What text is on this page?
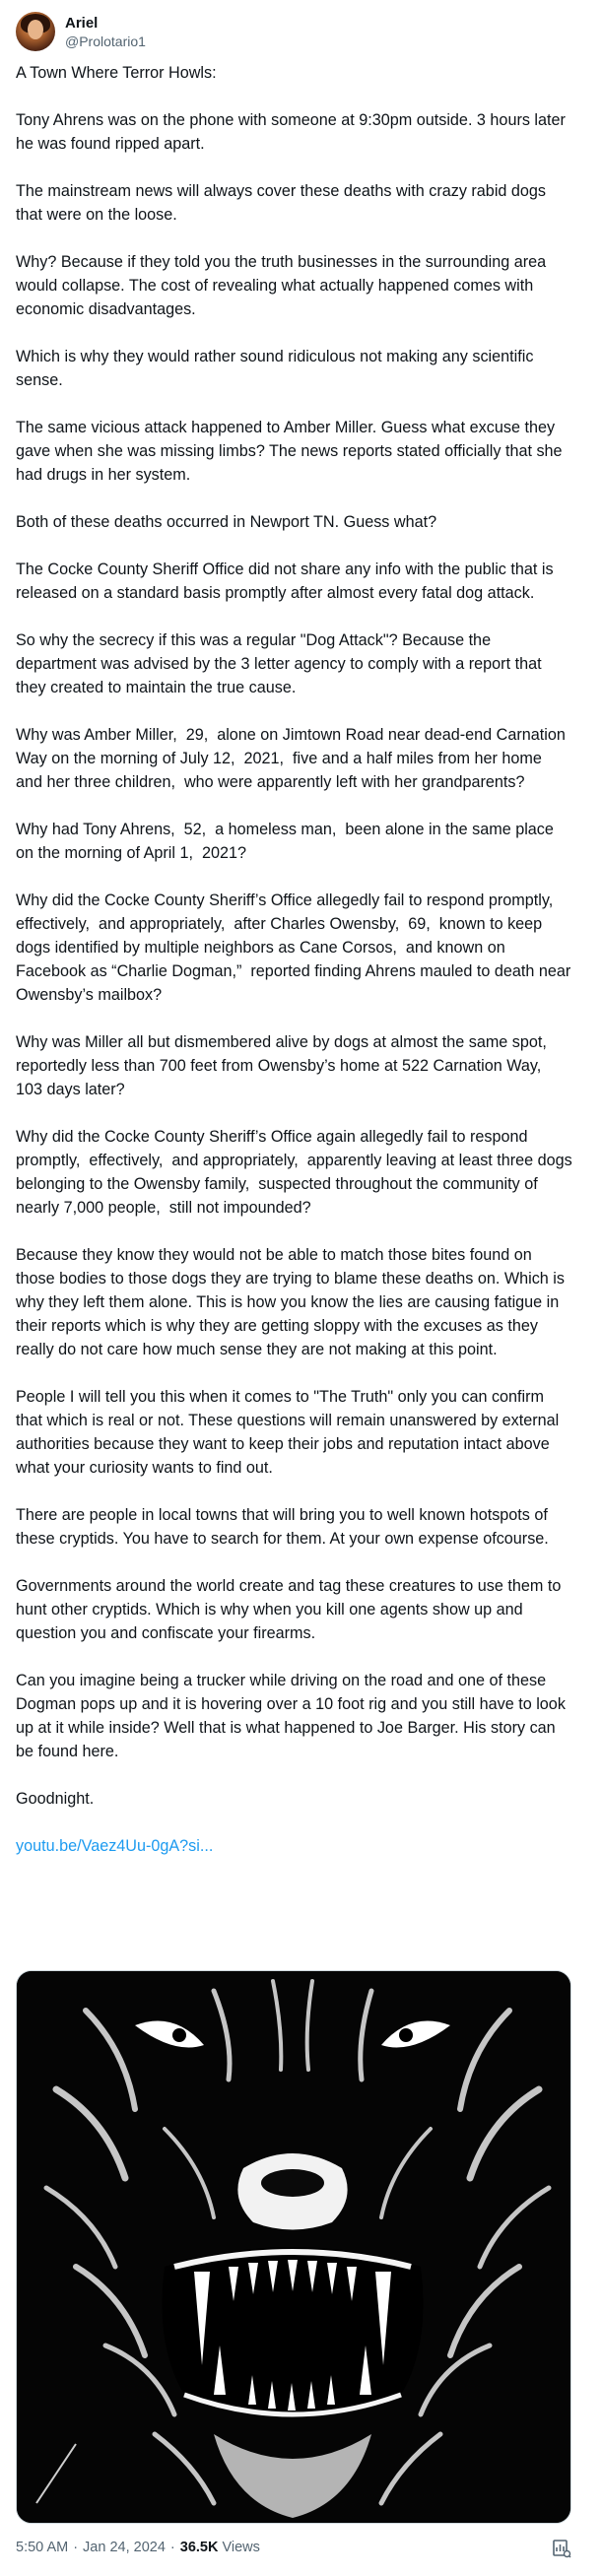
Ariel
@Prolotario1

A Town Where Terror Howls:

Tony Ahrens was on the phone with someone at 9:30pm outside. 3 hours later he was found ripped apart.

The mainstream news will always cover these deaths with crazy rabid dogs that were on the loose.

Why? Because if they told you the truth businesses in the surrounding area would collapse. The cost of revealing what actually happened comes with economic disadvantages.

Which is why they would rather sound ridiculous not making any scientific sense.

The same vicious attack happened to Amber Miller. Guess what excuse they gave when she was missing limbs? The news reports stated officially that she had drugs in her system.

Both of these deaths occurred in Newport TN. Guess what?

The Cocke County Sheriff Office did not share any info with the public that is released on a standard basis promptly after almost every fatal dog attack.

So why the secrecy if this was a regular "Dog Attack"? Because the department was advised by the 3 letter agency to comply with a report that they created to maintain the true cause.

Why was Amber Miller,  29,  alone on Jimtown Road near dead-end Carnation Way on the morning of July 12,  2021,  five and a half miles from her home and her three children,  who were apparently left with her grandparents?

Why had Tony Ahrens,  52,  a homeless man,  been alone in the same place on the morning of April 1,  2021?

Why did the Cocke County Sheriff’s Office allegedly fail to respond promptly,  effectively,  and appropriately,  after Charles Owensby,  69,  known to keep dogs identified by multiple neighbors as Cane Corsos,  and known on Facebook as “Charlie Dogman,”  reported finding Ahrens mauled to death near Owensby’s mailbox?

Why was Miller all but dismembered alive by dogs at almost the same spot,  reportedly less than 700 feet from Owensby’s home at 522 Carnation Way,  103 days later?

Why did the Cocke County Sheriff’s Office again allegedly fail to respond promptly,  effectively,  and appropriately,  apparently leaving at least three dogs belonging to the Owensby family,  suspected throughout the community of nearly 7,000 people,  still not impounded?

Because they know they would not be able to match those bites found on those bodies to those dogs they are trying to blame these deaths on. Which is why they left them alone. This is how you know the lies are causing fatigue in their reports which is why they are getting sloppy with the excuses as they really do not care how much sense they are not making at this point.

People I will tell you this when it comes to "The Truth" only you can confirm that which is real or not. These questions will remain unanswered by external authorities because they want to keep their jobs and reputation intact above what your curiosity wants to find out.

There are people in local towns that will bring you to well known hotspots of these cryptids. You have to search for them. At your own expense ofcourse.

Governments around the world create and tag these creatures to use them to hunt other cryptids. Which is why when you kill one agents show up and question you and confiscate your firearms.

Can you imagine being a trucker while driving on the road and one of these Dogman pops up and it is hovering over a 10 foot rig and you still have to look up at it while inside? Well that is what happened to Joe Barger. His story can be found here.

Goodnight.

youtu.be/Vaez4Uu-0gA?si...
5:50 AM · Jan 24, 2024 · 36.5K Views
